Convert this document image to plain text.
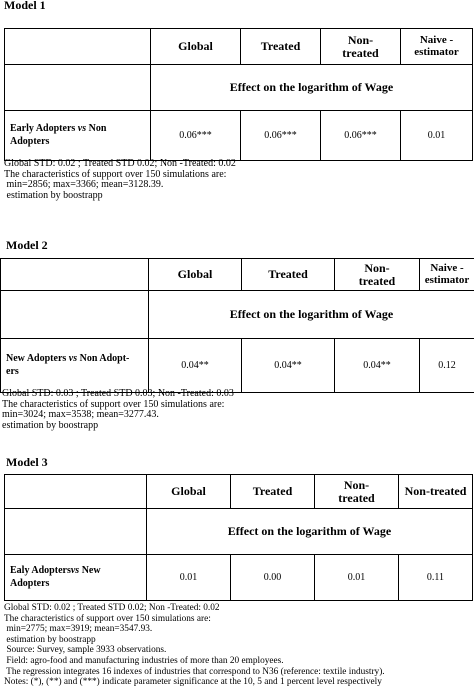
Model 1
	Global	Treated	Non-
treated	Naive -
estimator
	Effect on the logarithm of Wage			
Early Adopters vs Non
Adopters	0.06***	0.06***	0.06***	0.01
Global STD: 0.02 ; Treated STD 0.02; Non -Treated: 0.02
The characteristics of support over 150 simulations are:
min=2856; max=3366; mean=3128.39.
estimation by boostrapp
Model 2
	Global	Treated	Non-
treated	Naive -
estimator
	Effect on the logarithm of Wage			
New Adopters vs Non Adopt-
ers	0.04**	0.04**	0.04**	0.12
Global STD: 0.03 ; Treated STD 0.03; Non -Treated: 0.03
The characteristics of support over 150 simulations are:
min=3024; max=3538; mean=3277.43.
estimation by boostrapp
Model 3
	Global	Treated	Non-
treated	Non-treated
	Effect on the logarithm of Wage			
Ealy Adoptersvs New
Adopters	0.01	0.00	0.01	0.11
Global STD: 0.02 ; Treated STD 0.02; Non -Treated: 0.02
The characteristics of support over 150 simulations are:
min=2775; max=3919; mean=3547.93.
estimation by boostrapp
Source: Survey, sample 3933 observations.
Field: agro-food and manufacturing industries of more than 20 employees.
The regression integrates 16 indexes of industries that correspond to N36 (reference: textile industry).
Notes: (*), (**) and (***) indicate parameter significance at the 10, 5 and 1 percent level respectively
